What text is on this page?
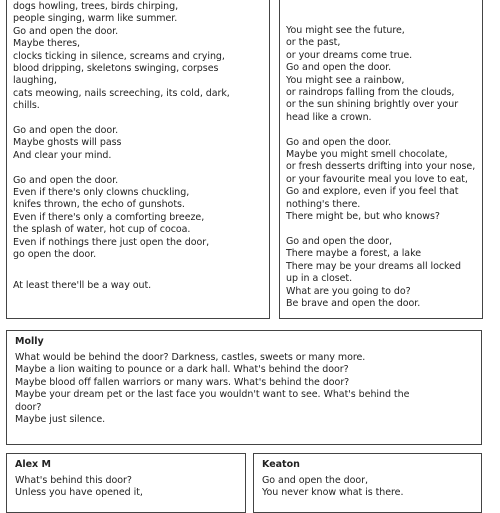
dogs howling, trees, birds chirping,
people singing, warm like summer.
Go and open the door.
Maybe theres,
clocks ticking in silence, screams and crying,
blood dripping, skeletons swinging, corpses
laughing,
cats meowing, nails screeching, its cold, dark,
chills.
Go and open the door.
Maybe ghosts will pass
And clear your mind.
Go and open the door.
Even if there's only clowns chuckling,
knifes thrown, the echo of gunshots.
Even if there's only a comforting breeze,
the splash of water, hot cup of cocoa.
Even if nothings there just open the door,
go open the door.
At least there'll be a way out.
You might see the future,
or the past,
or your dreams come true.
Go and open the door.
You might see a rainbow,
or raindrops falling from the clouds,
or the sun shining brightly over your
head like a crown.
Go and open the door.
Maybe you might smell chocolate,
or fresh desserts drifting into your nose,
or your favourite meal you love to eat,
Go and explore, even if you feel that
nothing's there.
There might be, but who knows?
Go and open the door,
There maybe a forest, a lake
There may be your dreams all locked
up in a closet.
What are you going to do?
Be brave and open the door.
Molly
What would be behind the door? Darkness, castles, sweets or many more.
Maybe a lion waiting to pounce or a dark hall. What's behind the door?
Maybe blood off fallen warriors or many wars. What's behind the door?
Maybe your dream pet or the last face you wouldn't want to see. What's behind the
door?
Maybe just silence.
Alex M
What's behind this door?
Unless you have opened it,
Keaton
Go and open the door,
You never know what is there.
